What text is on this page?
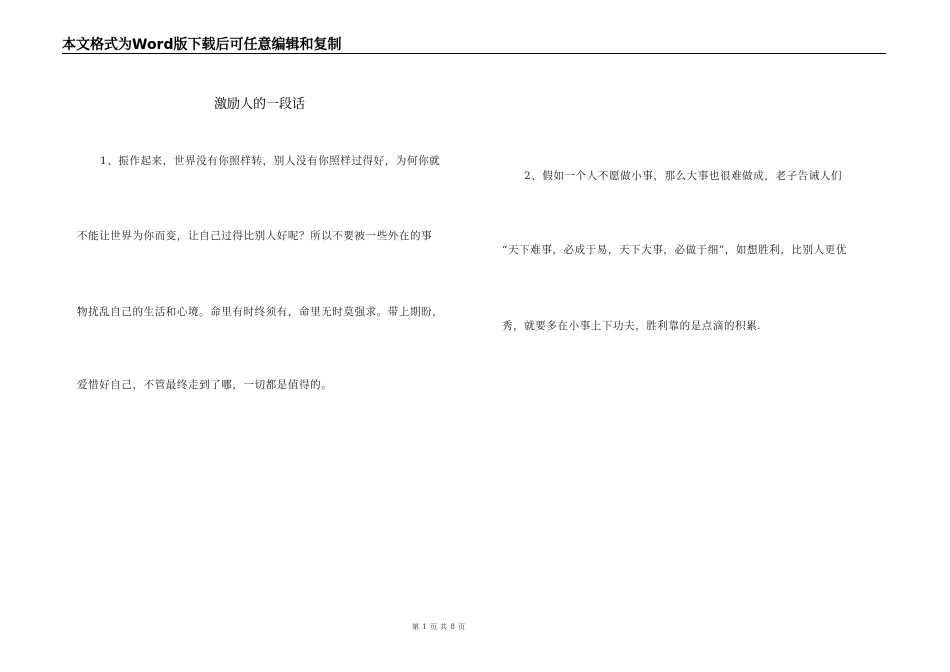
本文格式为Word版下载后可任意编辑和复制
激励人的一段话
1、振作起来，世界没有你照样转，别人没有你照样过得好，为何你就
不能让世界为你而变，让自己过得比别人好呢？所以不要被一些外在的事
物扰乱自己的生活和心境。命里有时终须有，命里无时莫强求。带上期盼，
爱惜好自己，不管最终走到了哪，一切都是值得的。
2、假如一个人不愿做小事，那么大事也很难做成，老子告诫人们
“天下难事，必成于易，天下大事，必做于细”，如想胜利，比别人更优
秀，就要多在小事上下功夫，胜利靠的是点滴的积累.
第 1 页 共 8 页
